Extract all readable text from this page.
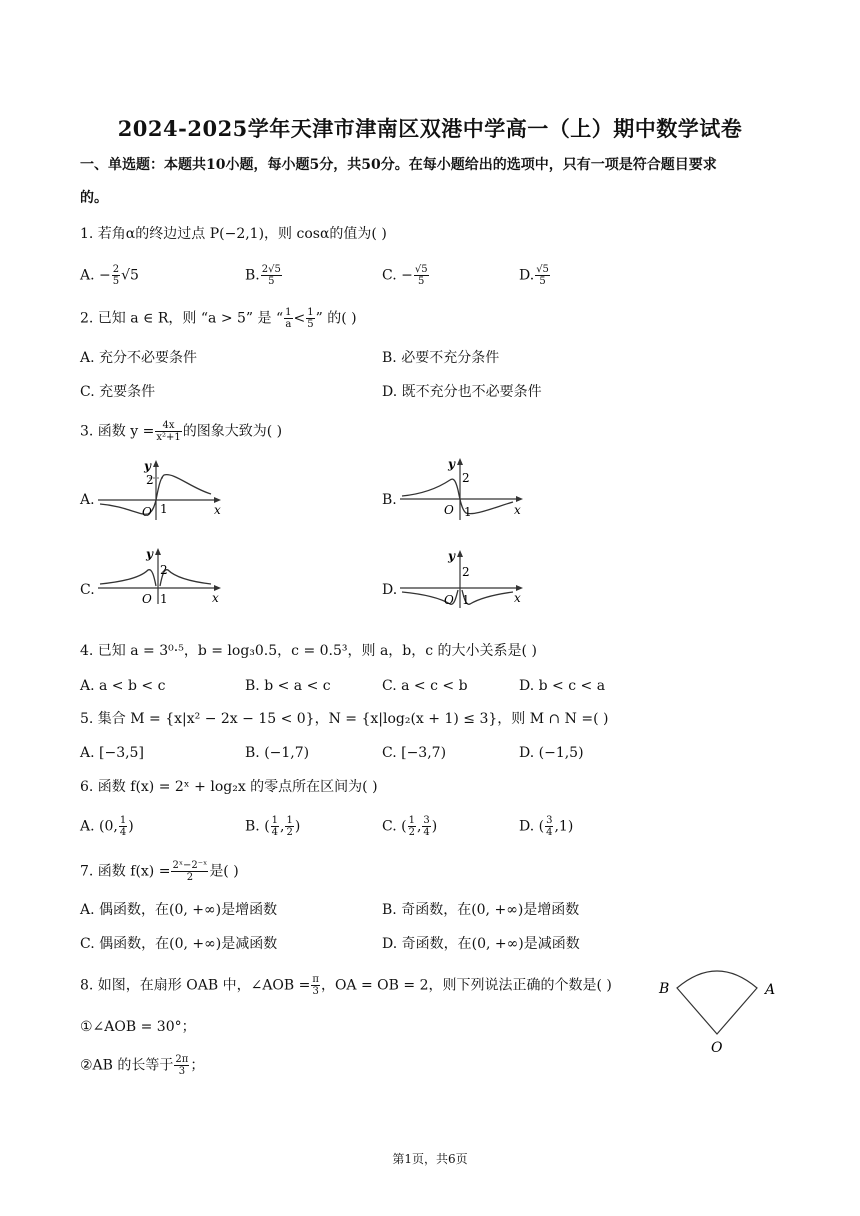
2024-2025学年天津市津南区双港中学高一（上）期中数学试卷
一、单选题：本题共10小题，每小题5分，共50分。在每小题给出的选项中，只有一项是符合题目要求
的。
1. 若角α的终边过点 P(−2,1)，则 cosα的值为( )
A. − $\frac{2}{5} √5$	B. $\frac{2√5}{5}$	C. − $\frac{√5}{5}$	D. $\frac{√5}{5}$
2. 已知 a ∈ R，则 “a > 5” 是 “ $\frac{1}{a} < \frac{1}{5}$ ” 的( )
A. 充分不必要条件	B. 必要不充分条件
C. 充要条件	D. 既不充分也不必要条件
3. 函数 $y = \frac{4x}{\text{x²+1}}$ 的图象大致为( )
A.
y
2
O 1	x
B.
y
2
O 1	x
C.
y
2
O 1	x	D.
y
2
O 1	x
4. 已知 a = 3⁰·⁵，b = log₃0.5，c = 0.5³，则 a，b，c 的大小关系是( )
A. a < b < c	B. b < a < c	C. a < c < b	D. b < c < a
5. 集合 M = {x|x² − 2x − 15 < 0}，N = {x|log₂(x + 1) ≤ 3}，则 M ∩ N =( )
A. [−3,5]	B. (−1,7)	C. [−3,7)	D. (−1,5)
6. 函数 f(x) = 2ˣ + log₂x 的零点所在区间为( )
A. (0, $\frac{1}{4}$ )	B. ( $\frac{1}{4}$ , $\frac{1}{2}$ )	C. ( $\frac{1}{2}$ , $\frac{3}{4}$ )	D. ( $\frac{3}{4} ,1$)
7. 函数 $f(x) = \frac{\text{2ˣ−2⁻ˣ}}{2}$ 是( )
A. 偶函数，在(0, +∞)是增函数	B. 奇函数，在(0, +∞)是增函数
C. 偶函数，在(0, +∞)是减函数	D. 奇函数，在(0, +∞)是减函数
8. 如图，在扇形 OAB 中，∠AOB = $\frac{\pi}{3}$ ，OA = OB = 2，则下列说法正确的个数是( )
①∠AOB = 30°；
②AB 的长等于 $\frac{2\pi}{3}$ ；
B	A
O
第1页，共6页
